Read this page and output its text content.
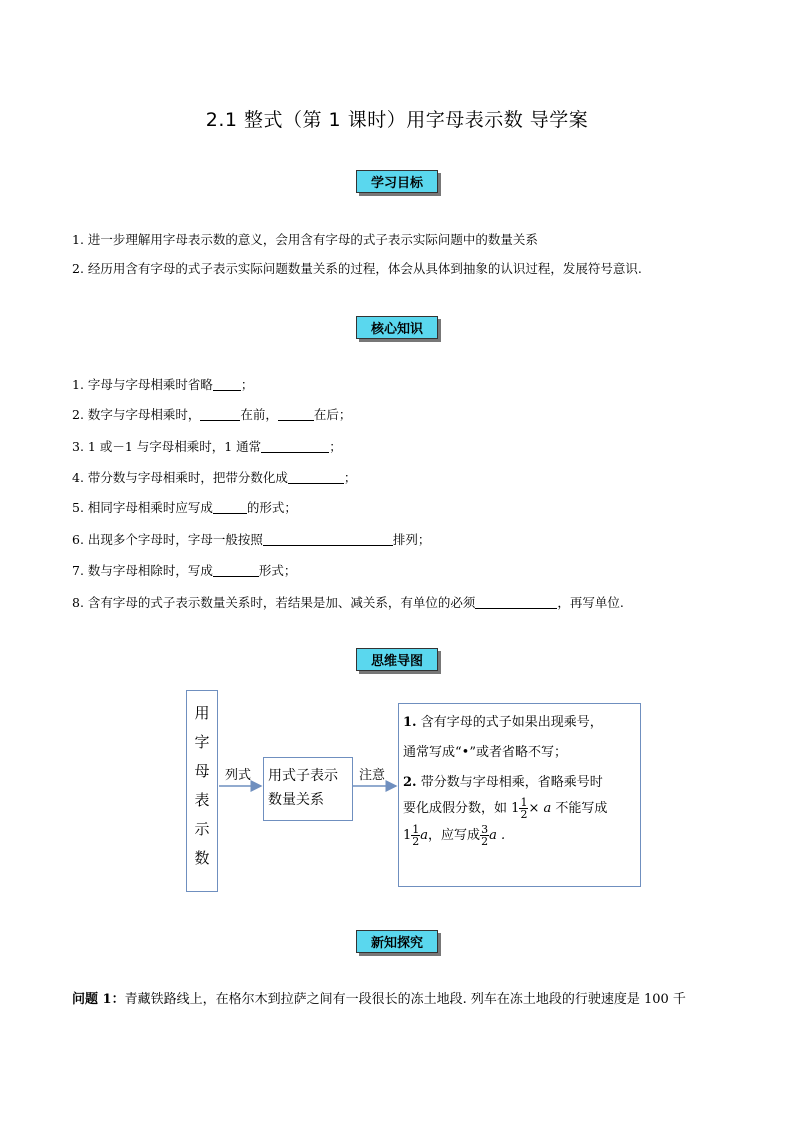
2.1 整式（第 1 课时）用字母表示数 导学案
学习目标
1. 进一步理解用字母表示数的意义，会用含有字母的式子表示实际问题中的数量关系
2. 经历用含有字母的式子表示实际问题数量关系的过程，体会从具体到抽象的认识过程，发展符号意识.
核心知识
1. 字母与字母相乘时省略 ；
2. 数字与字母相乘时，	在前，	在后；
3. 1 或－1 与字母相乘时，1 通常	；
4. 带分数与字母相乘时，把带分数化成	；
5. 相同字母相乘时应写成	的形式；
6. 出现多个字母时，字母一般按照	排列；
7. 数与字母相除时，写成	形式；
8. 含有字母的式子表示数量关系时，若结果是加、减关系，有单位的必须	，再写单位.
思维导图
用
字
母
表
示
数
列式	注意
用式子表示数量关系

1. 含有字母的式子如果出现乘号，

通常写成“•”或者省略不写；

2. 带分数与字母相乘，省略乘号时

要化成假分数，如 $1 \frac{1}{2} \times a$ 不能写成

$1 \frac{1}{2}$ a，应写成 $\frac{3}{2}$ a .

新知探究
问题 1：青藏铁路线上，在格尔木到拉萨之间有一段很长的冻土地段. 列车在冻土地段的行驶速度是 100 千
